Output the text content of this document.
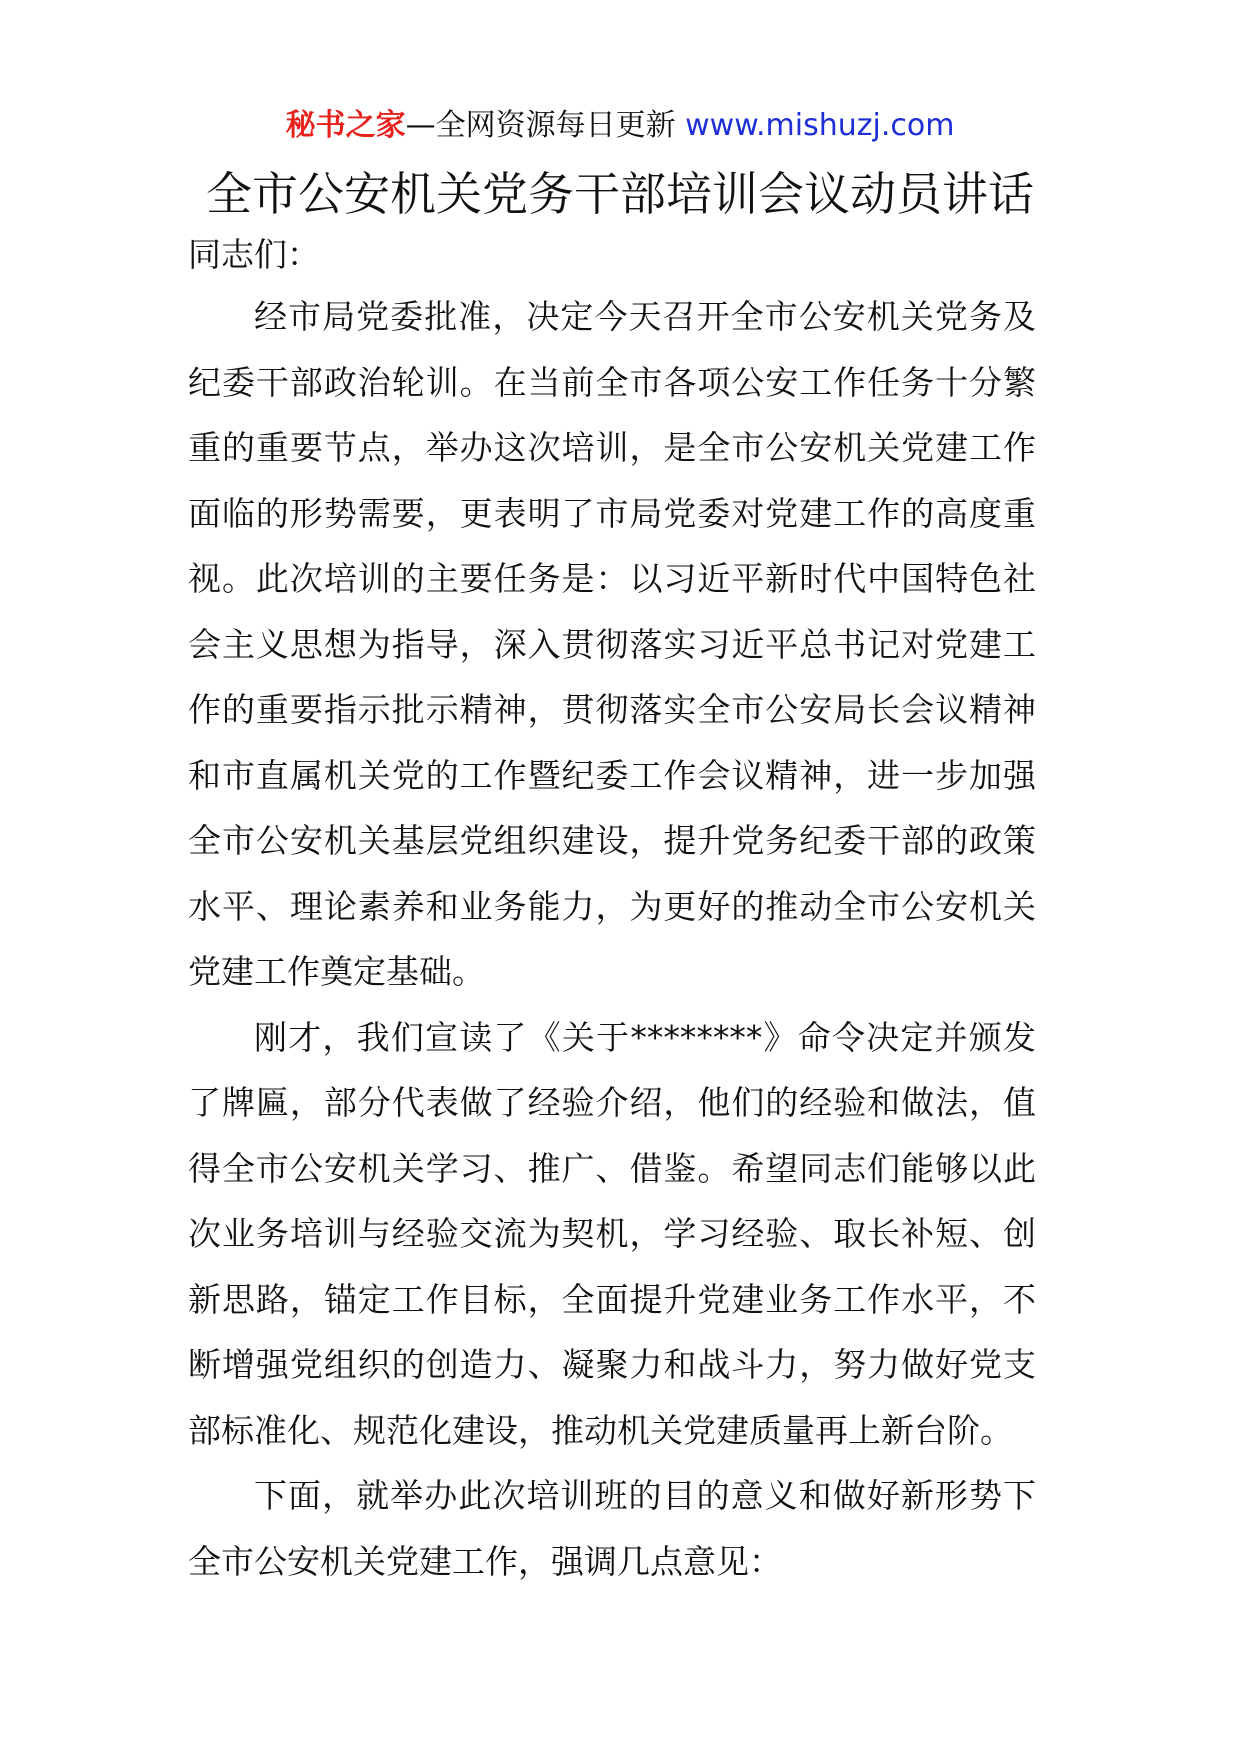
秘书之家—全网资源每日更新 www.mishuzj.com
全市公安机关党务干部培训会议动员讲话

同志们：

经市局党委批准，决定今天召开全市公安机关党务及纪委干部政治轮训。在当前全市各项公安工作任务十分繁重的重要节点，举办这次培训，是全市公安机关党建工作面临的形势需要，更表明了市局党委对党建工作的高度重视。此次培训的主要任务是：以习近平新时代中国特色社会主义思想为指导，深入贯彻落实习近平总书记对党建工作的重要指示批示精神，贯彻落实全市公安局长会议精神和市直属机关党的工作暨纪委工作会议精神，进一步加强全市公安机关基层党组织建设，提升党务纪委干部的政策水平、理论素养和业务能力，为更好的推动全市公安机关党建工作奠定基础。

刚才，我们宣读了《关于********》命令决定并颁发了牌匾，部分代表做了经验介绍，他们的经验和做法，值得全市公安机关学习、推广、借鉴。希望同志们能够以此次业务培训与经验交流为契机，学习经验、取长补短、创新思路，锚定工作目标，全面提升党建业务工作水平，不断增强党组织的创造力、凝聚力和战斗力，努力做好党支部标准化、规范化建设，推动机关党建质量再上新台阶。

下面，就举办此次培训班的目的意义和做好新形势下全市公安机关党建工作，强调几点意见：
